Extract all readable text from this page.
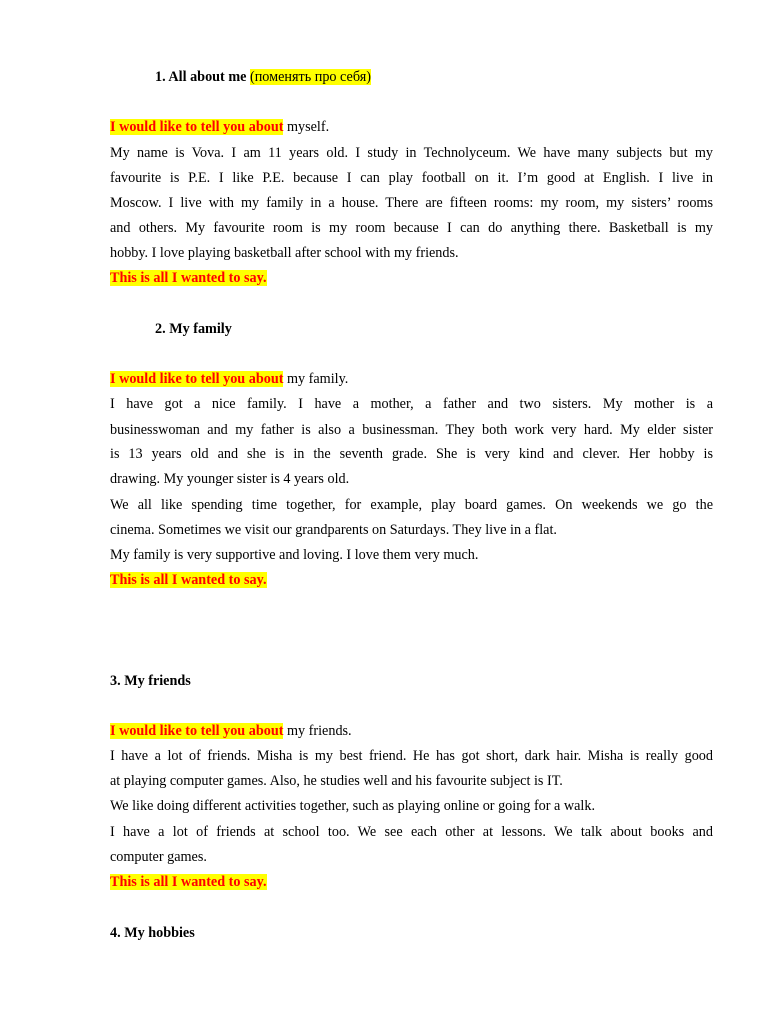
1. All about me (поменять про себя)
I would like to tell you about myself.
My name is Vova. I am 11 years old. I study in Technolyceum. We have many subjects but my
favourite is P.E. I like P.E. because I can play football on it. I’m good at English. I live in
Moscow. I live with my family in a house. There are fifteen rooms: my room, my sisters’ rooms
and others. My favourite room is my room because I can do anything there. Basketball is my
hobby. I love playing basketball after school with my friends.
This is all I wanted to say.
2. My family
I would like to tell you about my family.
I have got a nice family. I have a mother, a father and two sisters. My mother is a
businesswoman and my father is also a businessman. They both work very hard. My elder sister
is 13 years old and she is in the seventh grade. She is very kind and clever. Her hobby is
drawing. My younger sister is 4 years old.
We all like spending time together, for example, play board games. On weekends we go the
cinema. Sometimes we visit our grandparents on Saturdays. They live in a flat.
My family is very supportive and loving. I love them very much.
This is all I wanted to say.
3. My friends
I would like to tell you about my friends.
I have a lot of friends. Misha is my best friend. He has got short, dark hair. Misha is really good
at playing computer games. Also, he studies well and his favourite subject is IT.
We like doing different activities together, such as playing online or going for a walk.
I have a lot of friends at school too. We see each other at lessons. We talk about books and
computer games.
This is all I wanted to say.
4. My hobbies
